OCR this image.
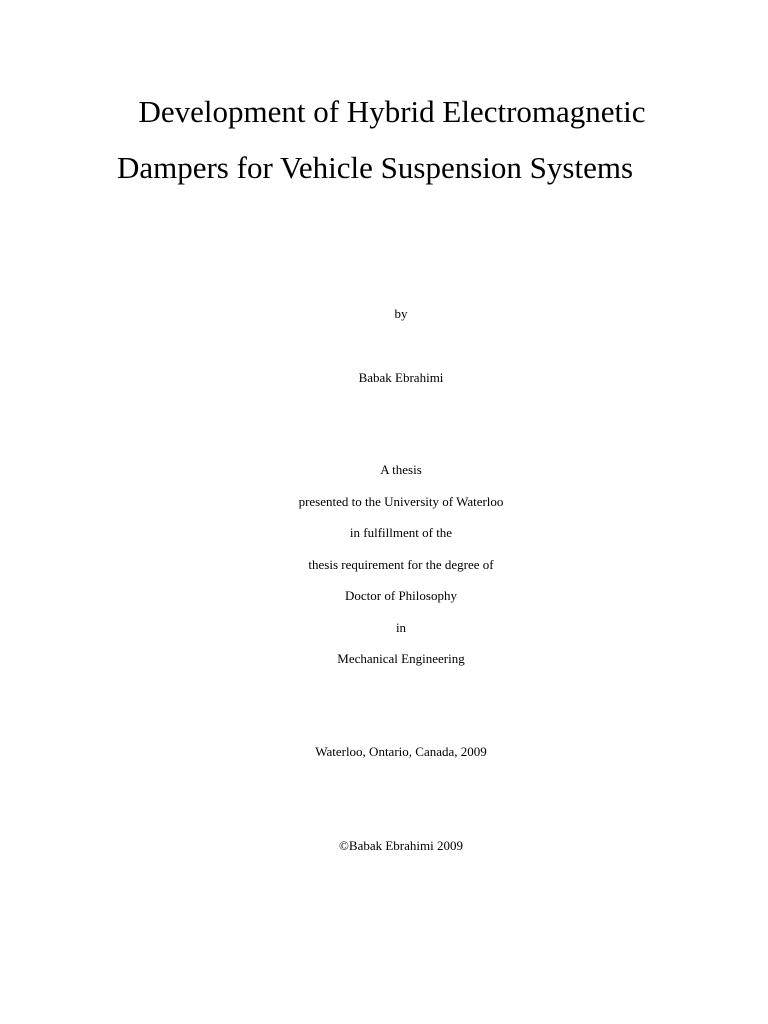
Development of Hybrid Electromagnetic
Dampers for Vehicle Suspension Systems
by
Babak Ebrahimi
A thesis
presented to the University of Waterloo
in fulfillment of the
thesis requirement for the degree of
Doctor of Philosophy
in
Mechanical Engineering
Waterloo, Ontario, Canada, 2009
©Babak Ebrahimi 2009
